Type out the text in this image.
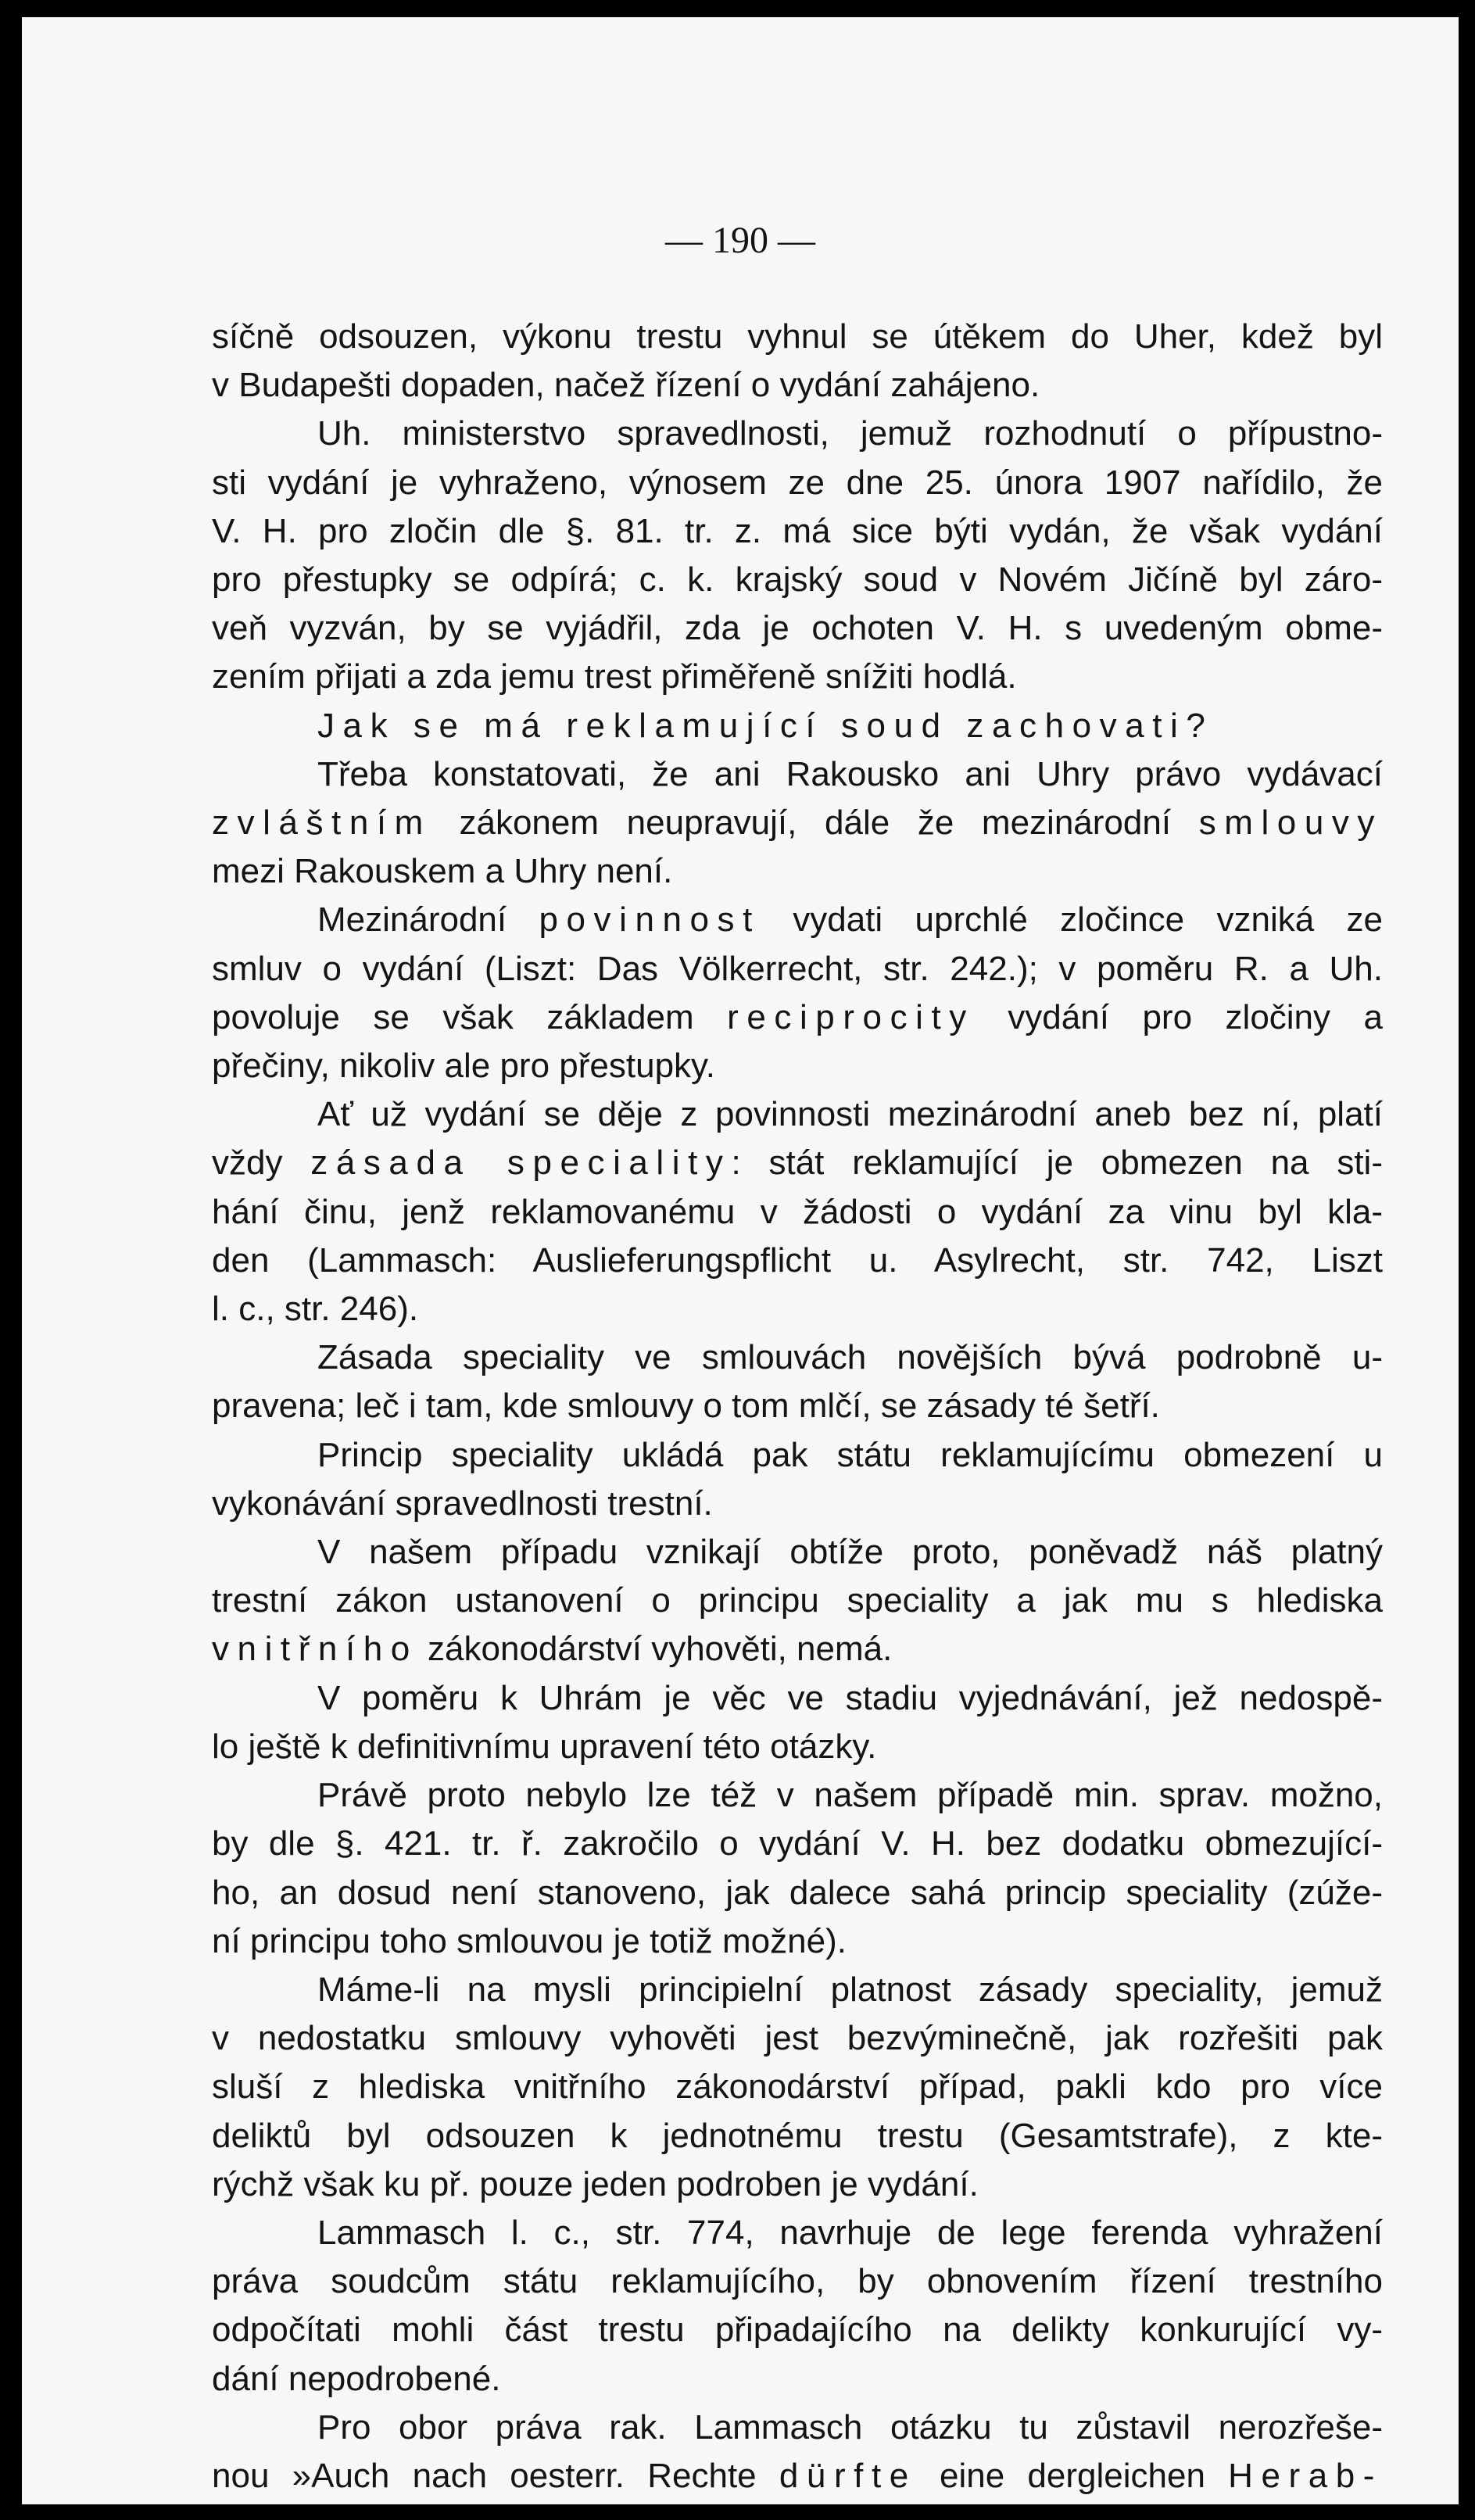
— 190 —

síčně odsouzen, výkonu trestu vyhnul se útěkem do Uher, kdež byl

v Budapešti dopaden, načež řízení o vydání zahájeno.

Uh. ministerstvo spravedlnosti, jemuž rozhodnutí o přípustno-

sti vydání je vyhraženo, výnosem ze dne 25. února 1907 nařídilo, že

V. H. pro zločin dle §. 81. tr. z. má sice býti vydán, že však vydání

pro přestupky se odpírá; c. k. krajský soud v Novém Jičíně byl záro-

veň vyzván, by se vyjádřil, zda je ochoten V. H. s uvedeným obme-

zením přijati a zda jemu trest přiměřeně snížiti hodlá.

Jak se má reklamující soud zachovati?

Třeba konstatovati, že ani Rakousko ani Uhry právo vydávací

zvláštním zákonem neupravují, dále že mezinárodní smlouvy

mezi Rakouskem a Uhry není.

Mezinárodní povinnost vydati uprchlé zločince vzniká ze

smluv o vydání (Liszt: Das Völkerrecht, str. 242.); v poměru R. a Uh.

povoluje se však základem reciprocity vydání pro zločiny a

přečiny, nikoliv ale pro přestupky.

Ať už vydání se děje z povinnosti mezinárodní aneb bez ní, platí

vždy zásada speciality: stát reklamující je obmezen na sti-

hání činu, jenž reklamovanému v žádosti o vydání za vinu byl kla-

den (Lammasch: Auslieferungspflicht u. Asylrecht, str. 742, Liszt

l. c., str. 246).

Zásada speciality ve smlouvách novějších bývá podrobně u-

pravena; leč i tam, kde smlouvy o tom mlčí, se zásady té šetří.

Princip speciality ukládá pak státu reklamujícímu obmezení u

vykonávání spravedlnosti trestní.

V našem případu vznikají obtíže proto, poněvadž náš platný

trestní zákon ustanovení o principu speciality a jak mu s hlediska

vnitřního zákonodárství vyhověti, nemá.

V poměru k Uhrám je věc ve stadiu vyjednávání, jež nedospě-

lo ještě k definitivnímu upravení této otázky.

Právě proto nebylo lze též v našem případě min. sprav. možno,

by dle §. 421. tr. ř. zakročilo o vydání V. H. bez dodatku obmezující-

ho, an dosud není stanoveno, jak dalece sahá princip speciality (zúže-

ní principu toho smlouvou je totiž možné).

Máme-li na mysli principielní platnost zásady speciality, jemuž

v nedostatku smlouvy vyhověti jest bezvýminečně, jak rozřešiti pak

sluší z hlediska vnitřního zákonodárství případ, pakli kdo pro více

deliktů byl odsouzen k jednotnému trestu (Gesamtstrafe), z kte-

rýchž však ku př. pouze jeden podroben je vydání.

Lammasch l. c., str. 774, navrhuje de lege ferenda vyhražení

práva soudcům státu reklamujícího, by obnovením řízení trestního

odpočítati mohli část trestu připadajícího na delikty konkurující vy-

dání nepodrobené.

Pro obor práva rak. Lammasch otázku tu zůstavil nerozřeše-

nou »Auch nach oesterr. Rechte dürfte eine dergleichen Herab-
